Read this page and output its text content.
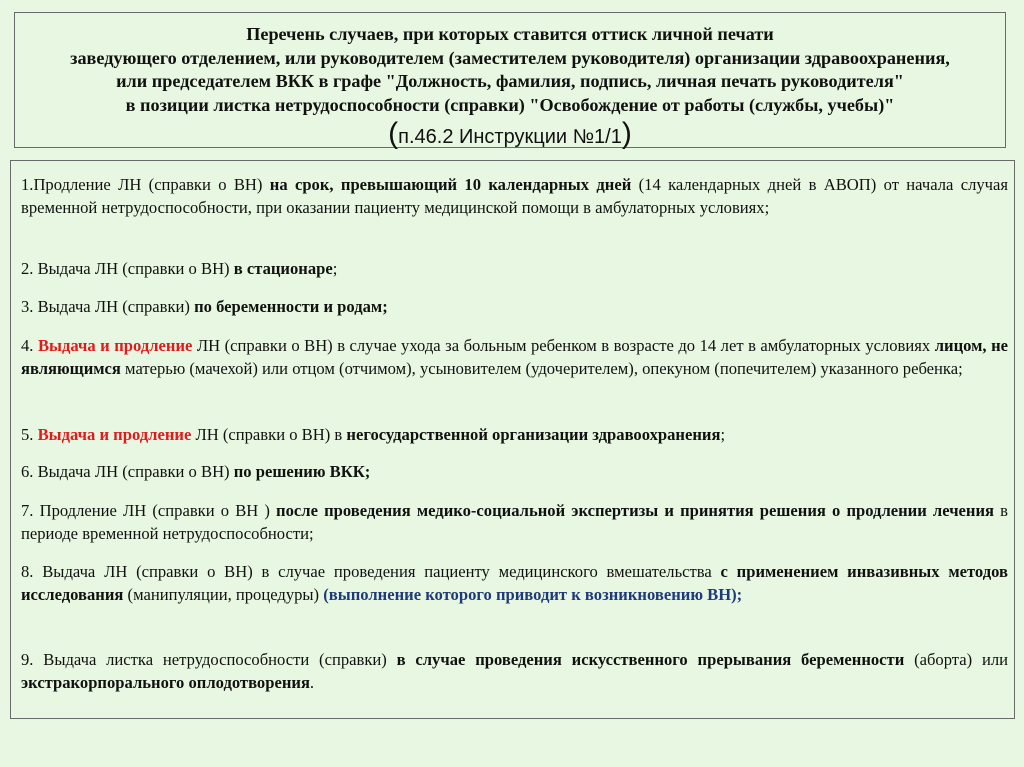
Перечень случаев, при которых ставится оттиск личной печати
заведующего отделением, или руководителем (заместителем руководителя) организации здравоохранения,
или председателем ВКК в графе "Должность, фамилия, подпись, личная печать руководителя"
в позиции листка нетрудоспособности (справки) "Освобождение от работы (службы, учебы)"
(п.46.2 Инструкции №1/1)
1.Продление ЛН (справки о ВН) на срок, превышающий 10 календарных дней (14 календарных дней в АВОП) от начала случая временной нетрудоспособности, при оказании пациенту медицинской помощи в амбулаторных условиях;
2. Выдача ЛН (справки о ВН) в стационаре;
3. Выдача ЛН (справки) по беременности и родам;
4. Выдача и продление ЛН (справки о ВН) в случае ухода за больным ребенком в возрасте до 14 лет в амбулаторных условиях лицом, не являющимся матерью (мачехой) или отцом (отчимом), усыновителем (удочерителем), опекуном (попечителем) указанного ребенка;
5. Выдача и продление ЛН (справки о ВН) в негосударственной организации здравоохранения;
6. Выдача ЛН (справки о ВН) по решению ВКК;
7. Продление ЛН (справки о ВН ) после проведения медико-социальной экспертизы и принятия решения о продлении лечения в периоде временной нетрудоспособности;
8. Выдача ЛН (справки о ВН) в случае проведения пациенту медицинского вмешательства с применением инвазивных методов исследования (манипуляции, процедуры) (выполнение которого приводит к возникновению ВН);
9. Выдача листка нетрудоспособности (справки) в случае проведения искусственного прерывания беременности (аборта) или экстракорпорального оплодотворения.
